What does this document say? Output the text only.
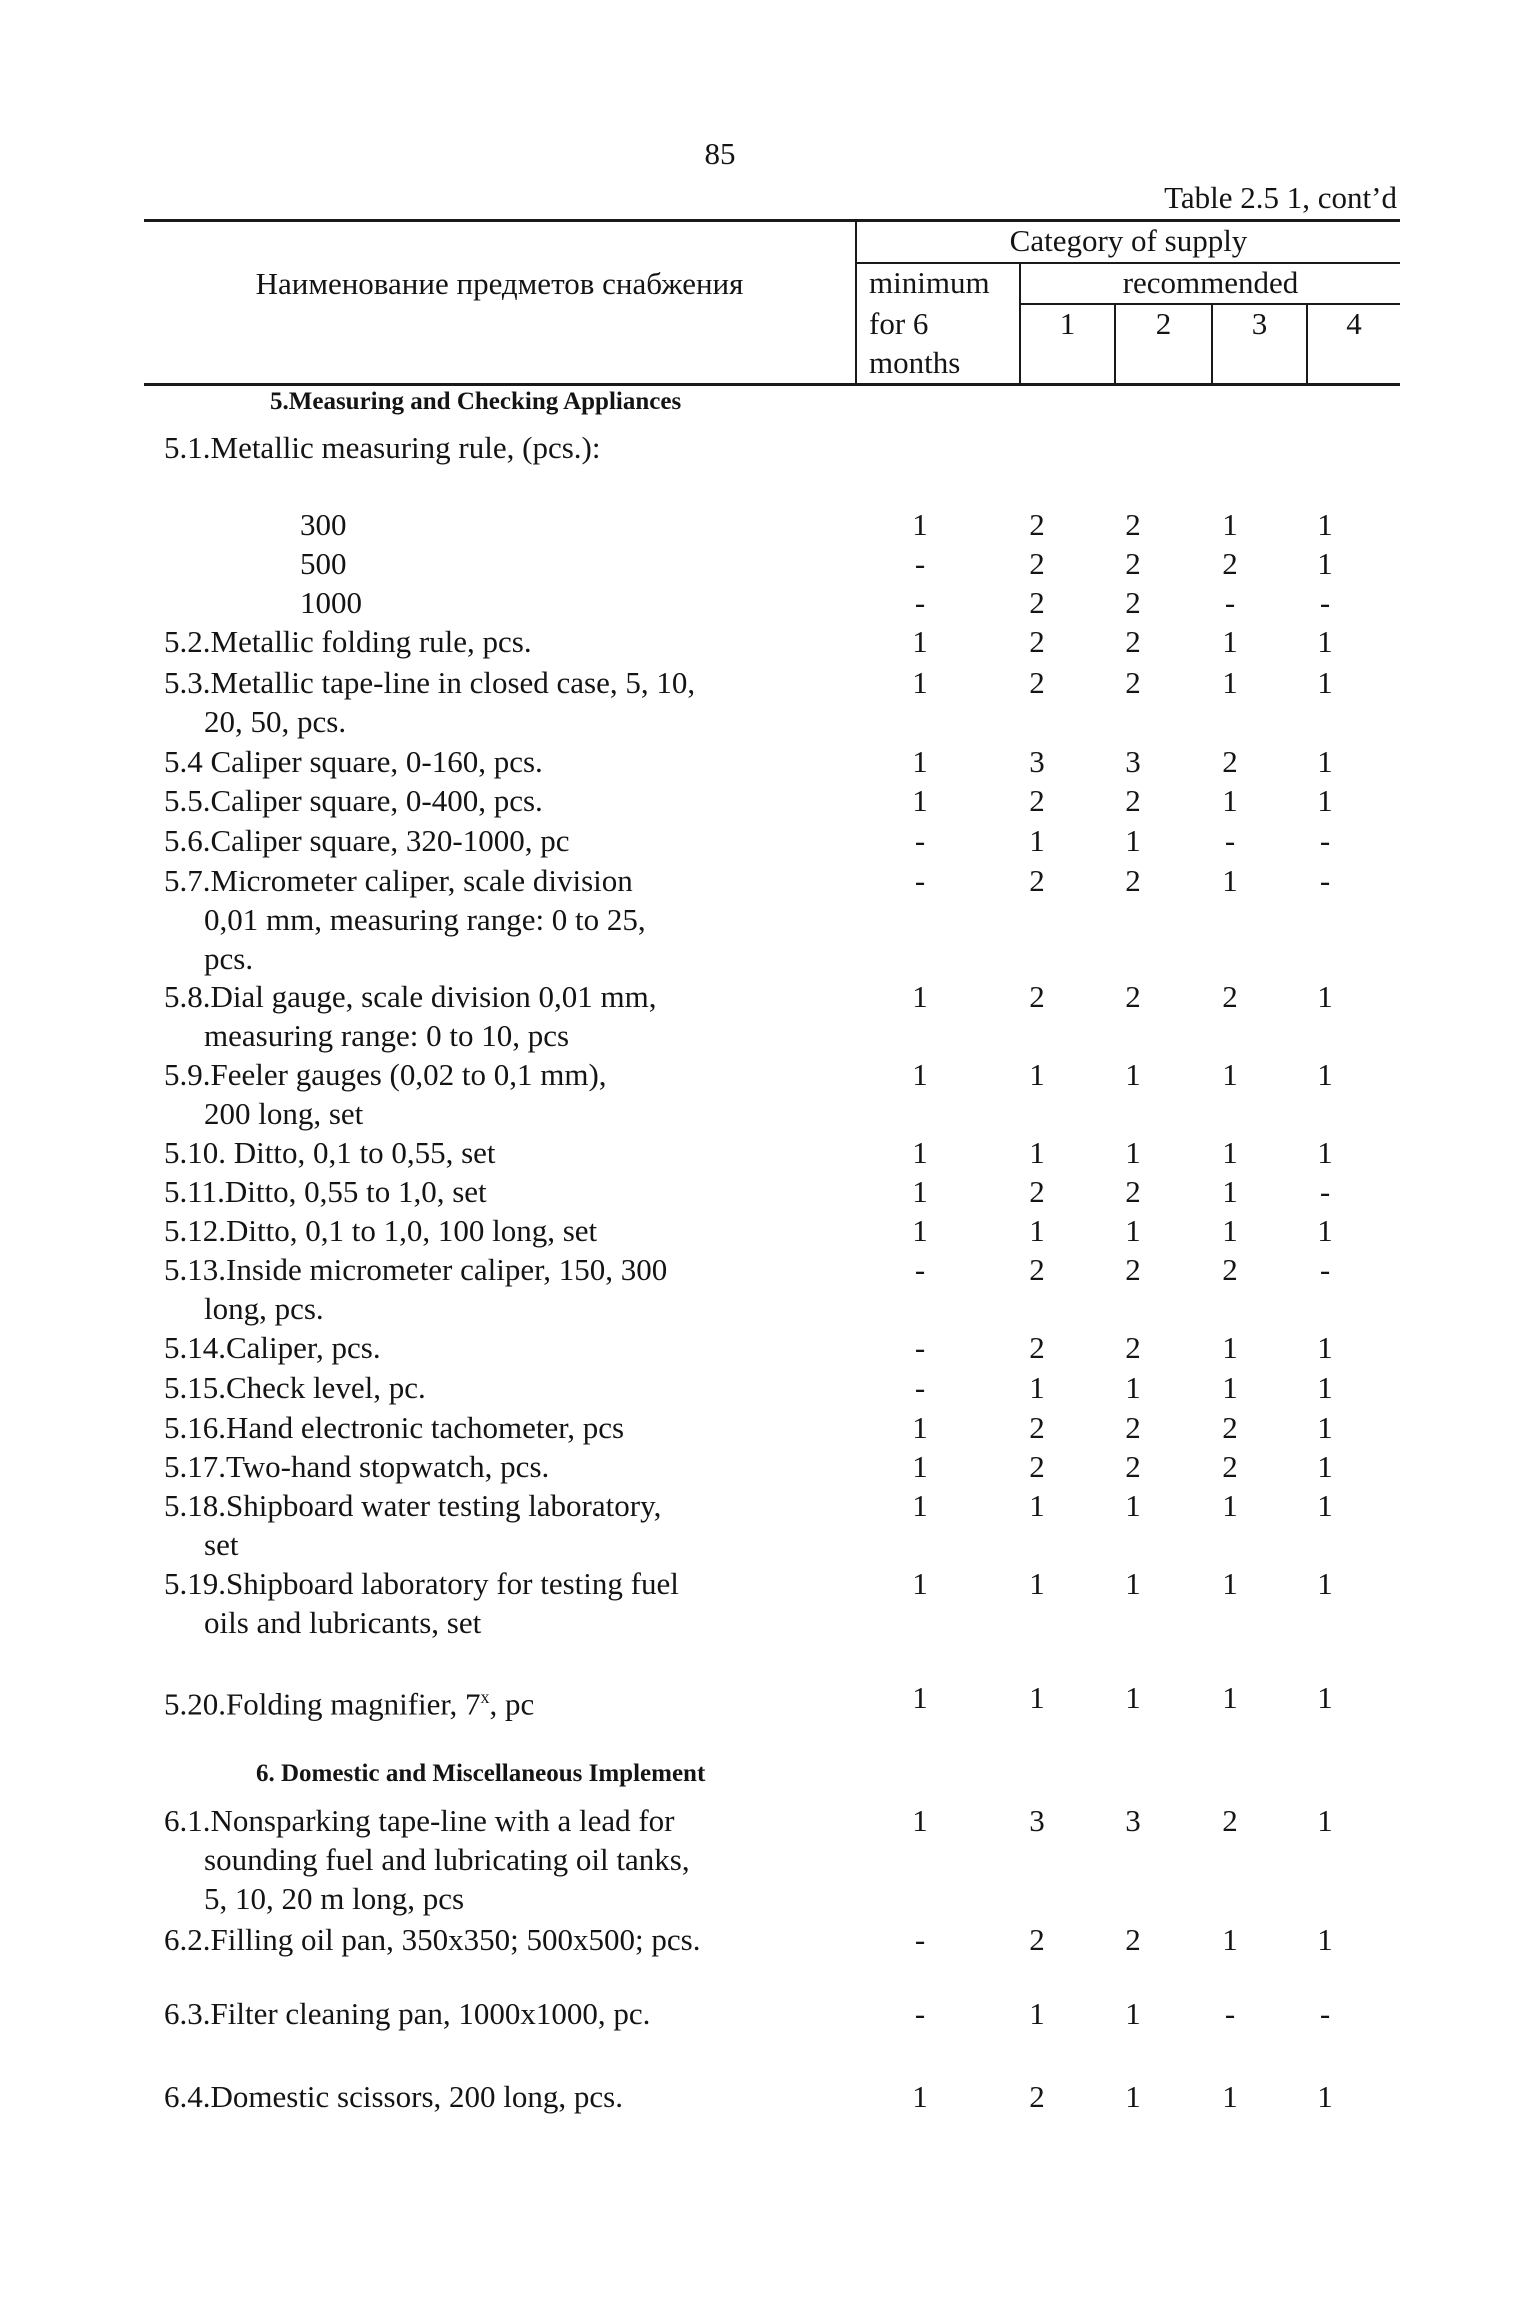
85
Table 2.5 1, cont’d
Наименование предметов снабжения
Category of supply
minimum
for 6
months
recommended
1	2	3	4
5.Measuring and Checking Appliances
5.1.Metallic measuring rule, (pcs.):
300	1	2	2	1	1
500	-	2	2	2	1
1000	-	2	2	-	-
5.2.Metallic folding rule, pcs.	1	2	2	1	1
5.3.Metallic tape-line in closed case, 5, 10,
20, 50, pcs.
1	2	2	1	1
5.4 Caliper square, 0-160, pcs.	1	3	3	2	1
5.5.Caliper square, 0-400, pcs.	1	2	2	1	1
5.6.Caliper square, 320-1000, pc	-	1	1	-	-
5.7.Micrometer caliper, scale division
0,01 mm, measuring range: 0 to 25,
pcs.
-	2	2	1	-
5.8.Dial gauge, scale division 0,01 mm,
measuring range: 0 to 10, pcs
1	2	2	2	1
5.9.Feeler gauges (0,02 to 0,1 mm),
200 long, set
1	1	1	1	1
5.10. Ditto, 0,1 to 0,55, set	1	1	1	1	1
5.11.Ditto, 0,55 to 1,0, set	1	2	2	1	-
5.12.Ditto, 0,1 to 1,0, 100 long, set	1	1	1	1	1
5.13.Inside micrometer caliper, 150, 300
long, pcs.
-	2	2	2	-
5.14.Caliper, pcs.	-	2	2	1	1
5.15.Check level, pc.	-	1	1	1	1
5.16.Hand electronic tachometer, pcs	1	2	2	2	1
5.17.Two-hand stopwatch, pcs.	1	2	2	2	1
5.18.Shipboard water testing laboratory,
set
1	1	1	1	1
5.19.Shipboard laboratory for testing fuel
oils and lubricants, set
1	1	1	1	1
5.20.Folding magnifier, 7$^x$, pc	1	1	1	1	1
6. Domestic and Miscellaneous Implement
6.1.Nonsparking tape-line with a lead for
sounding fuel and lubricating oil tanks,
5, 10, 20 m long, pcs
1	3	3	2	1
6.2.Filling oil pan, 350x350; 500x500; pcs.	-	2	2	1	1
6.3.Filter cleaning pan, 1000x1000, pc.	-	1	1	-	-
6.4.Domestic scissors, 200 long, pcs.	1	2	1	1	1
